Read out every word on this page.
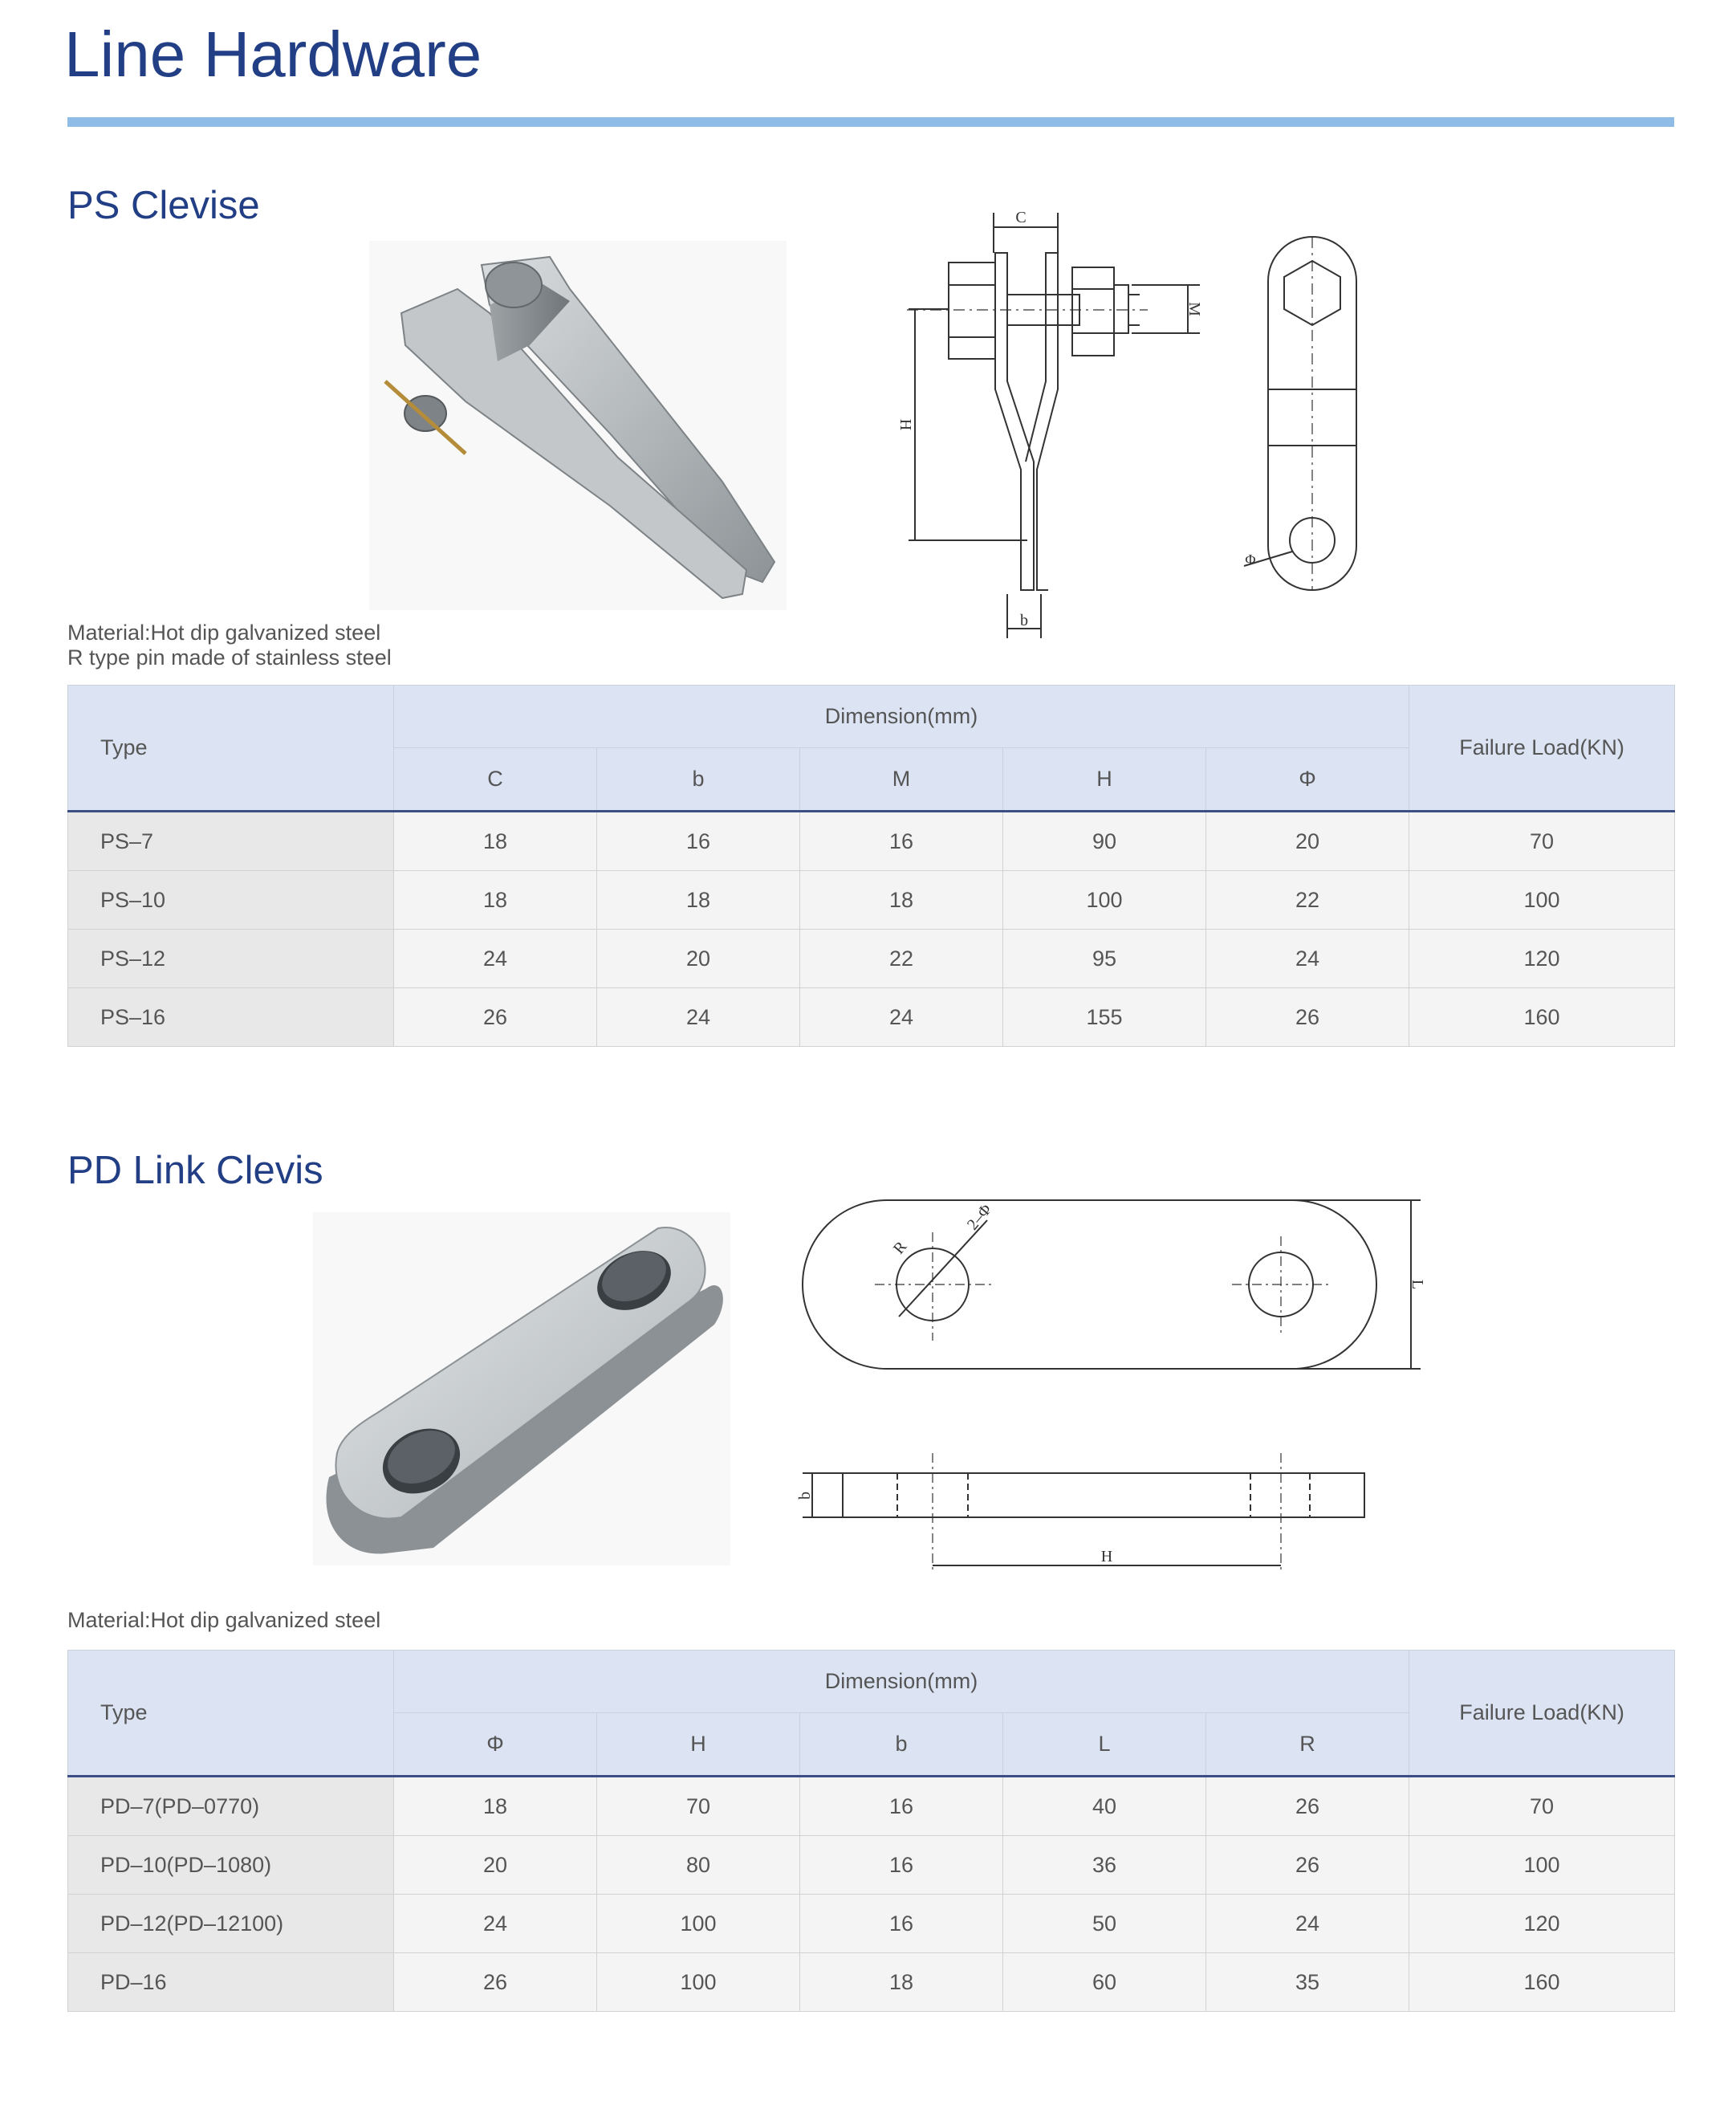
Line Hardware
PS Clevise	C
M
H
b
Φ
Material:Hot dip galvanized steel
R type pin made of stainless steel
Type	Dimension(mm)					Failure Load(KN)
	C	b	M	H	Φ	
PS–7	18	16	16	90	20	70
PS–10	18	18	18	100	22	100
PS–12	24	20	22	95	24	120
PS–16	26	24	24	155	26	160
PD Link Clevis
R
2–Φ
L
b
H
Material:Hot dip galvanized steel
Type	Dimension(mm)					Failure Load(KN)
	Φ	H	b	L	R	
PD–7(PD–0770)	18	70	16	40	26	70
PD–10(PD–1080)	20	80	16	36	26	100
PD–12(PD–12100)	24	100	16	50	24	120
PD–16	26	100	18	60	35	160
